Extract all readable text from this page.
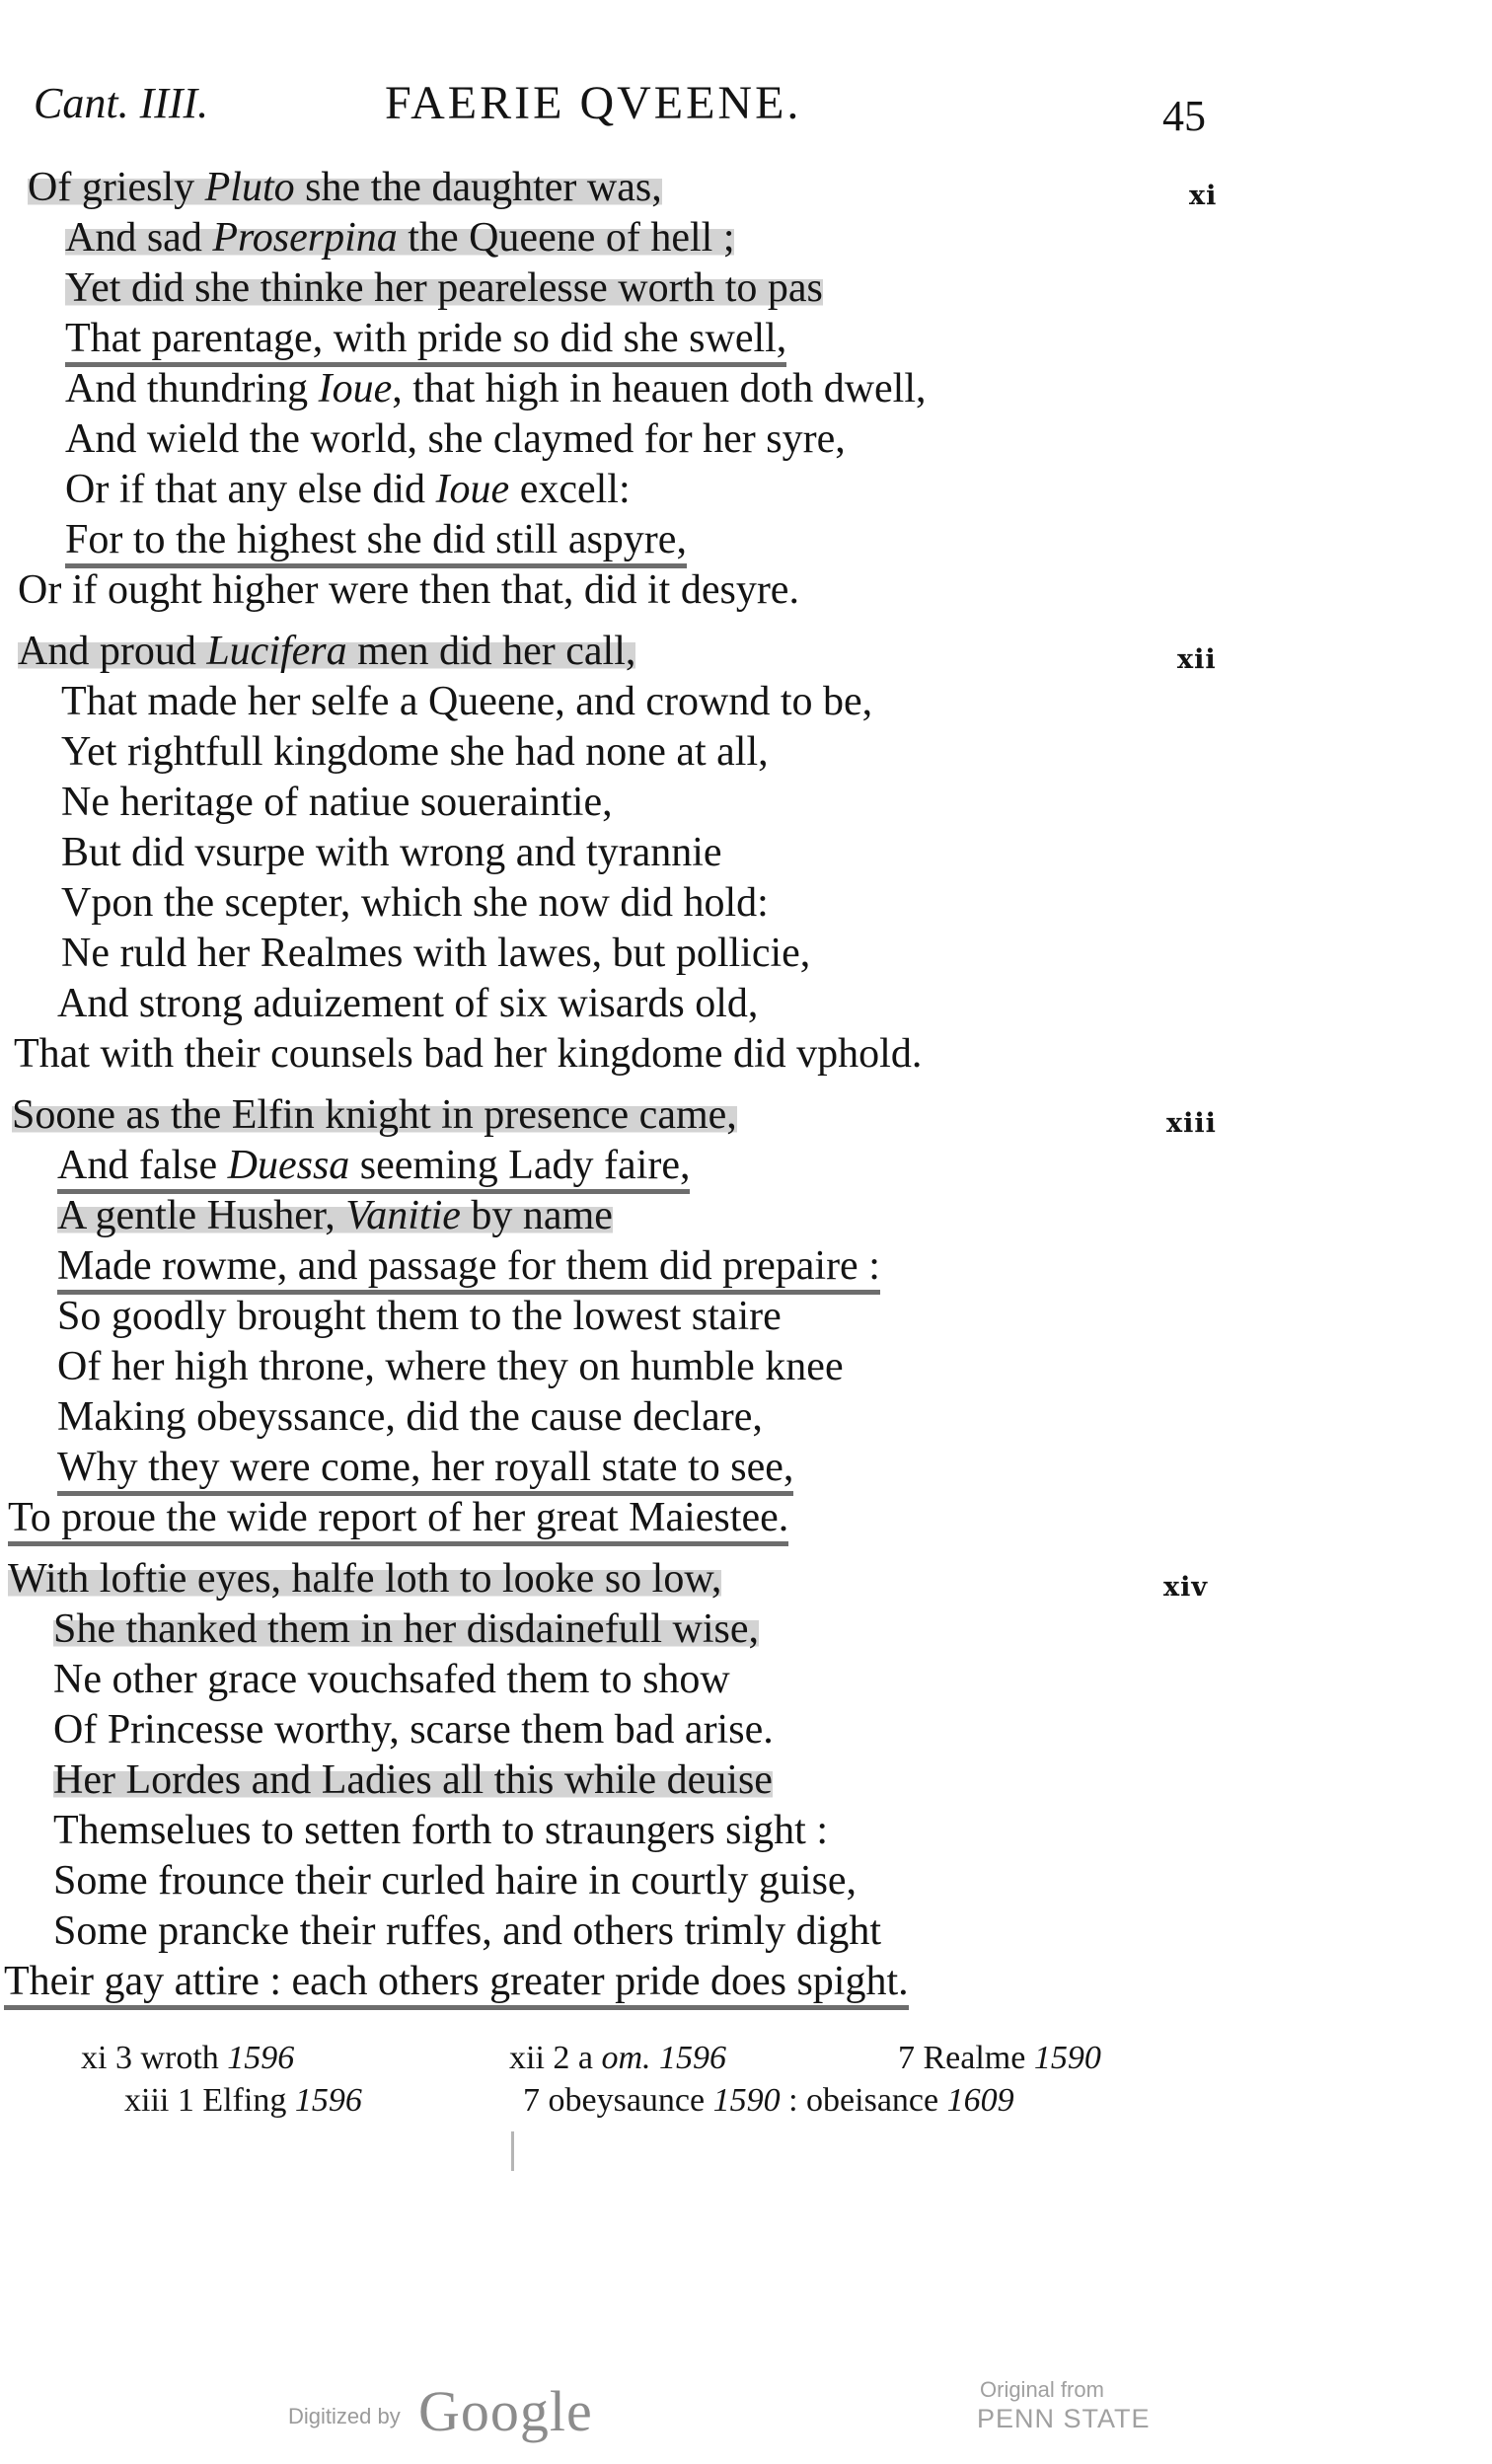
Cant. IIII.	FAERIE QVEENE.	45
xi
Of griesly Pluto she the daughter was,
And sad Proserpina the Queene of hell ;
Yet did she thinke her pearelesse worth to pas
That parentage, with pride so did she swell,
And thundring Ioue, that high in heauen doth dwell,
And wield the world, she claymed for her syre,
Or if that any else did Ioue excell:
For to the highest she did still aspyre,
Or if ought higher were then that, did it desyre.
xii
And proud Lucifera men did her call,
That made her selfe a Queene, and crownd to be,
Yet rightfull kingdome she had none at all,
Ne heritage of natiue soueraintie,
But did vsurpe with wrong and tyrannie
Vpon the scepter, which she now did hold:
Ne ruld her Realmes with lawes, but pollicie,
And strong aduizement of six wisards old,
That with their counsels bad her kingdome did vphold.
xiii
Soone as the Elfin knight in presence came,
And false Duessa seeming Lady faire,
A gentle Husher, Vanitie by name
Made rowme, and passage for them did prepaire :
So goodly brought them to the lowest staire
Of her high throne, where they on humble knee
Making obeyssance, did the cause declare,
Why they were come, her royall state to see,
To proue the wide report of her great Maiestee.
xiv
With loftie eyes, halfe loth to looke so low,
She thanked them in her disdainefull wise,
Ne other grace vouchsafed them to show
Of Princesse worthy, scarse them bad arise.
Her Lordes and Ladies all this while deuise
Themselues to setten forth to straungers sight :
Some frounce their curled haire in courtly guise,
Some prancke their ruffes, and others trimly dight
Their gay attire : each others greater pride does spight.
xi 3 wroth 1596	xii 2 a om. 1596	7 Realme 1590
xiii 1 Elfing 1596	7 obeysaunce 1590 : obeisance 1609
Digitized by Google	Original from
PENN STATE
